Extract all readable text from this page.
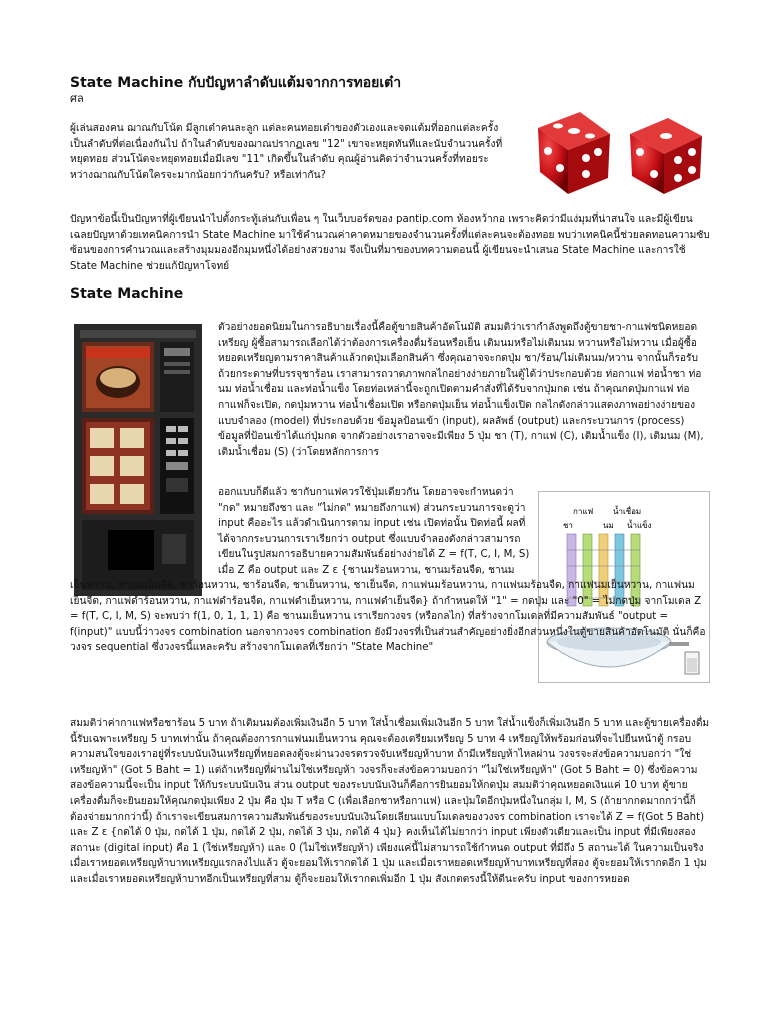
State Machine กับปัญหาลำดับแต้มจากการทอยเต๋า
ศล

ผู้เล่นสองคน ฌาณกับโน้ต มีลูกเต๋าคนละลูก แต่ละคนทอยเต๋าของตัวเองและจดแต้มที่ออกแต่ละครั้งเป็นลำดับที่ต่อเนื่องกันไป ถ้าในลำดับของฌาณปรากฏเลข "12" เขาจะหยุดทันทีและนับจำนวนครั้งที่หยุดทอย ส่วนโน้ตจะหยุดทอยเมื่อมีเลข "11" เกิดขึ้นในลำดับ คุณผู้อ่านคิดว่าจำนวนครั้งที่ทอยระหว่างฌาณกับโน้ตใครจะมากน้อยกว่ากันครับ? หรือเท่ากัน?

ปัญหาข้อนี้เป็นปัญหาที่ผู้เขียนนำไปตั้งกระทู้เล่นกับเพื่อน ๆ ในเว็บบอร์ดของ pantip.com ห้องหว้ากอ เพราะคิดว่ามีแง่มุมที่น่าสนใจ และมีผู้เขียนเฉลยปัญหาด้วยเทคนิคการนำ State Machine มาใช้คำนวณค่าคาดหมายของจำนวนครั้งที่แต่ละคนจะต้องทอย พบว่าเทคนิคนี้ช่วยลดทอนความซับซ้อนของการคำนวณและสร้างมุมมองอีกมุมหนึ่งได้อย่างสวยงาม จึงเป็นที่มาของบทความตอนนี้ ผู้เขียนจะนำเสนอ State Machine และการใช้ State Machine ช่วยแก้ปัญหาโจทย์

State Machine

ตัวอย่างยอดนิยมในการอธิบายเรื่องนี้คือตู้ขายสินค้าอัตโนมัติ สมมติว่าเรากำลังพูดถึงตู้ขายชา-กาแฟชนิดหยอดเหรียญ ผู้ซื้อสามารถเลือกได้ว่าต้องการเครื่องดื่มร้อนหรือเย็น เติมนมหรือไม่เติมนม หวานหรือไม่หวาน เมื่อผู้ซื้อหยอดเหรียญตามราคาสินค้าแล้วกดปุ่มเลือกสินค้า ซึ่งคุณอาจจะกดปุ่ม ชา/ร้อน/ไม่เติมนม/หวาน จากนั้นก็รอรับถ้วยกระดาษที่บรรจุชาร้อน เราสามารถวาดภาพกลไกอย่างง่ายภายในตู้ได้ว่าประกอบด้วย ท่อกาแฟ ท่อน้ำชา ท่อนม ท่อน้ำเชื่อม และท่อน้ำแข็ง โดยท่อเหล่านี้จะถูกเปิดตามคำสั่งที่ได้รับจากปุ่มกด เช่น ถ้าคุณกดปุ่มกาแฟ ท่อกาแฟก็จะเปิด, กดปุ่มหวาน ท่อน้ำเชื่อมเปิด หรือกดปุ่มเย็น ท่อน้ำแข็งเปิด กลไกดังกล่าวแสดงภาพอย่างง่ายของแบบจำลอง (model) ที่ประกอบด้วย ข้อมูลป้อนเข้า (input), ผลลัพธ์ (output) และกระบวนการ (process) ข้อมูลที่ป้อนเข้าได้แก่ปุ่มกด จากตัวอย่างเราอาจจะมีเพียง 5 ปุ่ม ชา (T), กาแฟ (C), เติมน้ำแข็ง (I), เติมนม (M), เติมน้ำเชื่อม (S) (ว่าโดยหลักการการ

ออกแบบก็ดีแล้ว ชากับกาแฟควรใช้ปุ่มเดียวกัน โดยอาจจะกำหนดว่า "กด" หมายถึงชา และ "ไม่กด" หมายถึงกาแฟ) ส่วนกระบวนการจะดูว่า input คืออะไร แล้วดำเนินการตาม input เช่น เปิดท่อนั้น ปิดท่อนี้ ผลที่ได้จากกระบวนการเราเรียกว่า output ซึ่งแบบจำลองดังกล่าวสามารถเขียนในรูปสมการอธิบายความสัมพันธ์อย่างง่ายได้ Z = f(T, C, I, M, S) เมื่อ Z คือ output และ Z ε {ชานมร้อนหวาน, ชานมร้อนจืด, ชานม

กาแฟ น้ำเชื่อม
ชา	นม น้ำแข็ง

เย็นหวาน, ชานมเย็นจืด, ชาร้อนหวาน, ชาร้อนจืด, ชาเย็นหวาน, ชาเย็นจืด, กาแฟนมร้อนหวาน, กาแฟนมร้อนจืด, กาแฟนมเย็นหวาน, กาแฟนมเย็นจืด, กาแฟดำร้อนหวาน, กาแฟดำร้อนจืด, กาแฟดำเย็นหวาน, กาแฟดำเย็นจืด} ถ้ากำหนดให้ "1" = กดปุ่ม และ "0" = ไม่กดปุ่ม จากโมเดล Z = f(T, C, I, M, S) จะพบว่า f(1, 0, 1, 1, 1) คือ ชานมเย็นหวาน เราเรียกวงจร (หรือกลไก) ที่สร้างจากโมเดลที่มีความสัมพันธ์ "output = f(input)" แบบนี้ว่าวงจร combination นอกจากวงจร combination ยังมีวงจรที่เป็นส่วนสำคัญอย่างยิ่งอีกส่วนหนึ่งในตู้ขายสินค้าอัตโนมัติ นั่นก็คือวงจร sequential ซึ่งวงจรนี้แหละครับ สร้างจากโมเดลที่เรียกว่า "State Machine"

สมมติว่าค่ากาแฟหรือชาร้อน 5 บาท ถ้าเติมนมต้องเพิ่มเงินอีก 5 บาท ใส่น้ำเชื่อมเพิ่มเงินอีก 5 บาท ใส่น้ำแข็งก็เพิ่มเงินอีก 5 บาท และตู้ขายเครื่องดื่มนี้รับเฉพาะเหรียญ 5 บาทเท่านั้น ถ้าคุณต้องการกาแฟนมเย็นหวาน คุณจะต้องเตรียมเหรียญ 5 บาท 4 เหรียญให้พร้อมก่อนที่จะไปยืนหน้าตู้ กรอบความสนใจของเราอยู่ที่ระบบนับเงินเหรียญที่หยอดลงตู้จะผ่านวงจรตรวจจับเหรียญห้าบาท ถ้ามีเหรียญห้าไหลผ่าน วงจรจะส่งข้อความบอกว่า "ใช่เหรียญห้า" (Got 5 Baht = 1) แต่ถ้าเหรียญที่ผ่านไม่ใช่เหรียญห้า วงจรก็จะส่งข้อความบอกว่า "ไม่ใช่เหรียญห้า" (Got 5 Baht = 0) ซึ่งข้อความสองข้อความนี้จะเป็น input ให้กับระบบนับเงิน ส่วน output ของระบบนับเงินก็คือการยินยอมให้กดปุ่ม สมมติว่าคุณหยอดเงินแค่ 10 บาท ตู้ขายเครื่องดื่มก็จะยินยอมให้คุณกดปุ่มเพียง 2 ปุ่ม คือ ปุ่ม T หรือ C (เพื่อเลือกชาหรือกาแฟ) และปุ่มใดอีกปุ่มหนึ่งในกลุ่ม I, M, S (ถ้ายากกดมากกว่านี้ก็ต้องจ่ายมากกว่านี้) ถ้าเราจะเขียนสมการความสัมพันธ์ของระบบนับเงินโดยเลียนแบบโมเดลของวงจร combination เราจะได้ Z = f(Got 5 Baht) และ Z ε {กดได้ 0 ปุ่ม, กดได้ 1 ปุ่ม, กดได้ 2 ปุ่ม, กดได้ 3 ปุ่ม, กดได้ 4 ปุ่ม} คงเห็นได้ไม่ยากว่า input เพียงตัวเดียวและเป็น input ที่มีเพียงสองสถานะ (digital input) คือ 1 (ใช่เหรียญห้า) และ 0 (ไม่ใช่เหรียญห้า) เพียงแค่นี้ไม่สามารถใช้กำหนด output ที่มีถึง 5 สถานะได้ ในความเป็นจริง เมื่อเราหยอดเหรียญห้าบาทเหรียญแรกลงไปแล้ว ตู้จะยอมให้เรากดได้ 1 ปุ่ม และเมื่อเราหยอดเหรียญห้าบาทเหรียญที่สอง ตู้จะยอมให้เรากดอีก 1 ปุ่ม และเมื่อเราหยอดเหรียญห้าบาทอีกเป็นเหรียญที่สาม ตู้ก็จะยอมให้เรากดเพิ่มอีก 1 ปุ่ม สังเกตตรงนี้ให้ดีนะครับ input ของการหยอด
